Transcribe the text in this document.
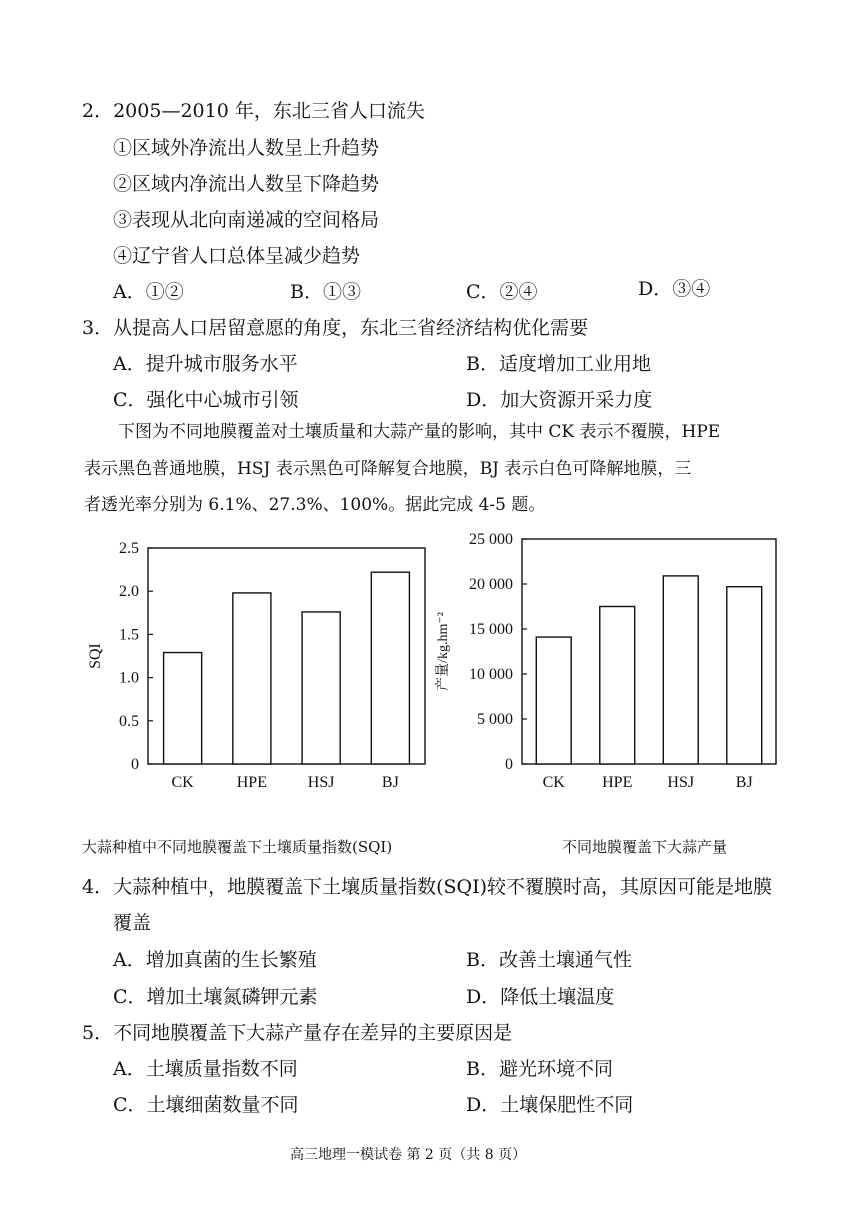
2．2005—2010 年，东北三省人口流失
①区域外净流出人数呈上升趋势
②区域内净流出人数呈下降趋势
③表现从北向南递减的空间格局
④辽宁省人口总体呈减少趋势
A．①②	B．①③	C．②④	D．③④
3．从提高人口居留意愿的角度，东北三省经济结构优化需要
A．提升城市服务水平	B．适度增加工业用地
C．强化中心城市引领	D．加大资源开采力度
下图为不同地膜覆盖对土壤质量和大蒜产量的影响，其中 CK 表示不覆膜，HPE
表示黑色普通地膜，HSJ 表示黑色可降解复合地膜，BJ 表示白色可降解地膜，三
者透光率分别为 6.1%、27.3%、100%。据此完成 4-5 题。
0
0.5
1.0
1.5
2.0
2.5
CK	HPE	HSJ	BJ
SQI
0
5 000
10 000
15 000
20 000
25 000
CK HPE HSJ	BJ
产量/kg.hm⁻²
大蒜种植中不同地膜覆盖下土壤质量指数(SQI)	不同地膜覆盖下大蒜产量
4．大蒜种植中，地膜覆盖下土壤质量指数(SQI)较不覆膜时高，其原因可能是地膜
覆盖
A．增加真菌的生长繁殖	B．改善土壤通气性
C．增加土壤氮磷钾元素	D．降低土壤温度
5．不同地膜覆盖下大蒜产量存在差异的主要原因是
A．土壤质量指数不同	B．避光环境不同
C．土壤细菌数量不同	D．土壤保肥性不同
高三地理一模试卷 第 2 页（共 8 页）
